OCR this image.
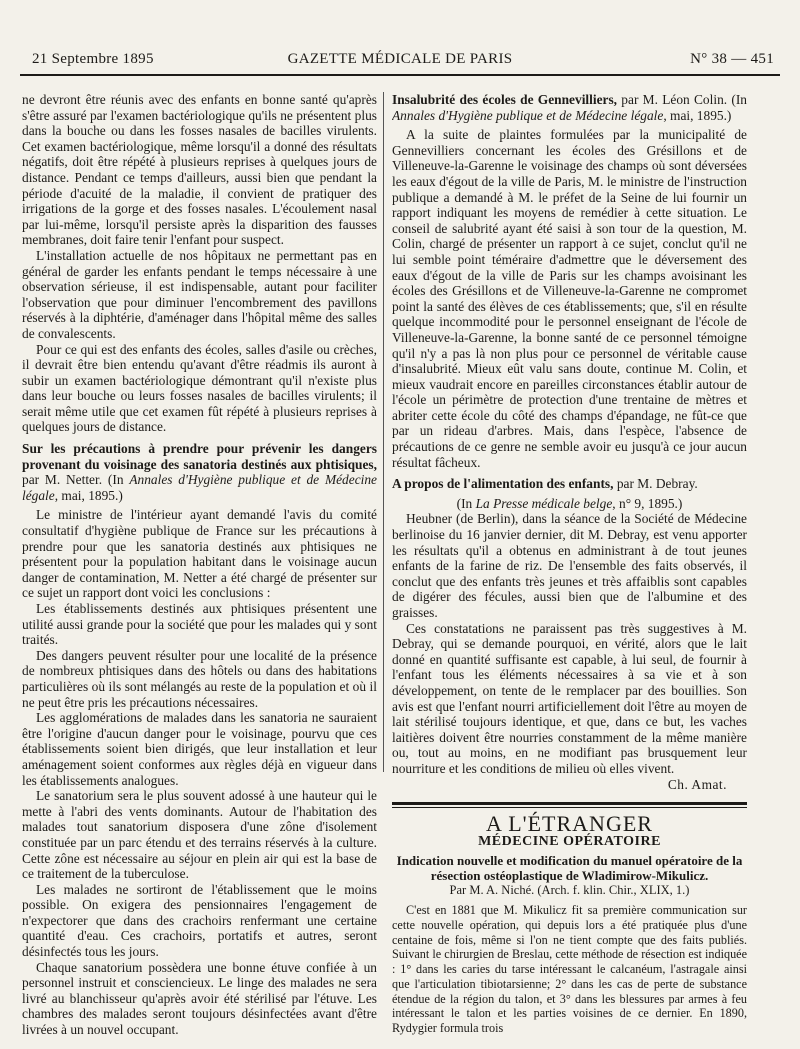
21 Septembre 1895	GAZETTE MÉDICALE DE PARIS	N° 38 — 451

ne devront être réunis avec des enfants en bonne santé qu'après s'être assuré par l'examen bactériologique qu'ils ne présentent plus dans la bouche ou dans les fosses nasales de bacilles virulents. Cet examen bactériologique, même lorsqu'il a donné des résultats négatifs, doit être répété à plusieurs reprises à quelques jours de distance. Pendant ce temps d'ailleurs, aussi bien que pendant la période d'acuité de la maladie, il convient de pratiquer des irrigations de la gorge et des fosses nasales. L'écoulement nasal par lui-même, lorsqu'il persiste après la disparition des fausses membranes, doit faire tenir l'enfant pour suspect.

L'installation actuelle de nos hôpitaux ne permettant pas en général de garder les enfants pendant le temps nécessaire à une observation sérieuse, il est indispensable, autant pour faciliter l'observation que pour diminuer l'encombrement des pavillons réservés à la diphtérie, d'aménager dans l'hôpital même des salles de convalescents.

Pour ce qui est des enfants des écoles, salles d'asile ou crèches, il devrait être bien entendu qu'avant d'être réadmis ils auront à subir un examen bactériologique démontrant qu'il n'existe plus dans leur bouche ou leurs fosses nasales de bacilles virulents; il serait même utile que cet examen fût répété à plusieurs reprises à quelques jours de distance.

Sur les précautions à prendre pour prévenir les dangers provenant du voisinage des sanatoria destinés aux phtisiques, par M. Netter. (In Annales d'Hygiène publique et de Médecine légale, mai, 1895.)

Le ministre de l'intérieur ayant demandé l'avis du comité consultatif d'hygiène publique de France sur les précautions à prendre pour que les sanatoria destinés aux phtisiques ne présentent pour la population habitant dans le voisinage aucun danger de contamination, M. Netter a été chargé de présenter sur ce sujet un rapport dont voici les conclusions :

Les établissements destinés aux phtisiques présentent une utilité aussi grande pour la société que pour les malades qui y sont traités.

Des dangers peuvent résulter pour une localité de la présence de nombreux phtisiques dans des hôtels ou dans des habitations particulières où ils sont mélangés au reste de la population et où il ne peut être pris les précautions nécessaires.

Les agglomérations de malades dans les sanatoria ne sauraient être l'origine d'aucun danger pour le voisinage, pourvu que ces établissements soient bien dirigés, que leur installation et leur aménagement soient conformes aux règles déjà en vigueur dans les établissements analogues.

Le sanatorium sera le plus souvent adossé à une hauteur qui le mette à l'abri des vents dominants. Autour de l'habitation des malades tout sanatorium disposera d'une zône d'isolement constituée par un parc étendu et des terrains réservés à la culture. Cette zône est nécessaire au séjour en plein air qui est la base de ce traitement de la tuberculose.

Les malades ne sortiront de l'établissement que le moins possible. On exigera des pensionnaires l'engagement de n'expectorer que dans des crachoirs renfermant une certaine quantité d'eau. Ces crachoirs, portatifs et autres, seront désinfectés tous les jours.

Chaque sanatorium possèdera une bonne étuve confiée à un personnel instruit et consciencieux. Le linge des malades ne sera livré au blanchisseur qu'après avoir été stérilisé par l'étuve. Les chambres des malades seront toujours désinfectées avant d'être livrées à un nouvel occupant.

Insalubrité des écoles de Gennevilliers, par M. Léon Colin. (In Annales d'Hygiène publique et de Médecine légale, mai, 1895.)

A la suite de plaintes formulées par la municipalité de Gennevilliers concernant les écoles des Grésillons et de Villeneuve-la-Garenne le voisinage des champs où sont déversées les eaux d'égout de la ville de Paris, M. le ministre de l'instruction publique a demandé à M. le préfet de la Seine de lui fournir un rapport indiquant les moyens de remédier à cette situation. Le conseil de salubrité ayant été saisi à son tour de la question, M. Colin, chargé de présenter un rapport à ce sujet, conclut qu'il ne lui semble point téméraire d'admettre que le déversement des eaux d'égout de la ville de Paris sur les champs avoisinant les écoles des Grésillons et de Villeneuve-la-Garenne ne compromet point la santé des élèves de ces établissements; que, s'il en résulte quelque incommodité pour le personnel enseignant de l'école de Villeneuve-la-Garenne, la bonne santé de ce personnel témoigne qu'il n'y a pas là non plus pour ce personnel de véritable cause d'insalubrité. Mieux eût valu sans doute, continue M. Colin, et mieux vaudrait encore en pareilles circonstances établir autour de l'école un périmètre de protection d'une trentaine de mètres et abriter cette école du côté des champs d'épandage, ne fût-ce que par un rideau d'arbres. Mais, dans l'espèce, l'absence de précautions de ce genre ne semble avoir eu jusqu'à ce jour aucun résultat fâcheux.

A propos de l'alimentation des enfants, par M. Debray.

(In La Presse médicale belge, n° 9, 1895.)

Heubner (de Berlin), dans la séance de la Société de Médecine berlinoise du 16 janvier dernier, dit M. Debray, est venu apporter les résultats qu'il a obtenus en administrant à de tout jeunes enfants de la farine de riz. De l'ensemble des faits observés, il conclut que des enfants très jeunes et très affaiblis sont capables de digérer des fécules, aussi bien que de l'albumine et des graisses.

Ces constatations ne paraissent pas très suggestives à M. Debray, qui se demande pourquoi, en vérité, alors que le lait donné en quantité suffisante est capable, à lui seul, de fournir à l'enfant tous les éléments nécessaires à sa vie et à son développement, on tente de le remplacer par des bouillies. Son avis est que l'enfant nourri artificiellement doit l'être au moyen de lait stérilisé toujours identique, et que, dans ce but, les vaches laitières doivent être nourries constamment de la même manière ou, tout au moins, en ne modifiant pas brusquement leur nourriture et les conditions de milieu où elles vivent.

Ch. Amat.

A L'ÉTRANGER

MÉDECINE OPÉRATOIRE

Indication nouvelle et modification du manuel opératoire de la résection ostéoplastique de Wladimirow-Mikulicz.

Par M. A. Niché. (Arch. f. klin. Chir., XLIX, 1.)

C'est en 1881 que M. Mikulicz fit sa première communication sur cette nouvelle opération, qui depuis lors a été pratiquée plus d'une centaine de fois, même si l'on ne tient compte que des faits publiés. Suivant le chirurgien de Breslau, cette méthode de résection est indiquée : 1° dans les caries du tarse intéressant le calcanéum, l'astragale ainsi que l'articulation tibiotarsienne; 2° dans les cas de perte de substance étendue de la région du talon, et 3° dans les blessures par armes à feu intéressant le talon et les parties voisines de ce dernier. En 1890, Rydygier formula trois
